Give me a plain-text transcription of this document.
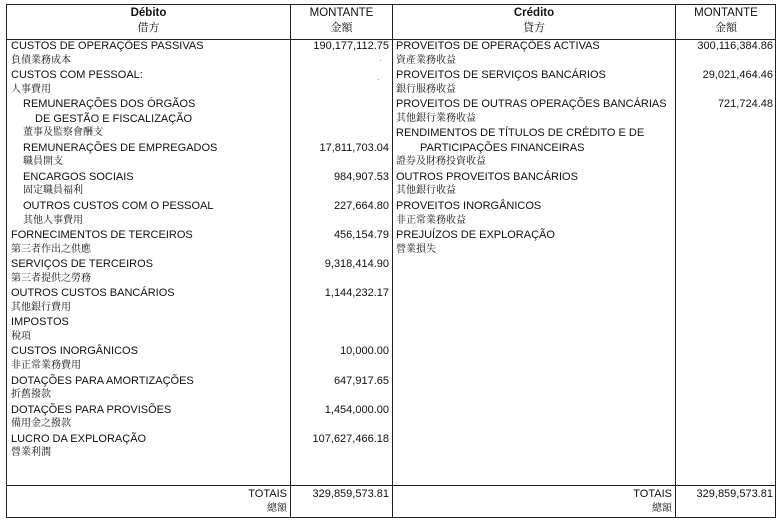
Débito
借方
MONTANTE
金額
Crédito
貸方
MONTANTE
金額
CUSTOS DE OPERAÇÕES PASSIVAS
負債業務成本
CUSTOS COM PESSOAL:
人事費用
REMUNERAÇÕES DOS ÓRGÃOS
DE GESTÃO E FISCALIZAÇÃO
董事及監察會酬支
REMUNERAÇÕES DE EMPREGADOS
職員開支
ENCARGOS SOCIAIS
固定職員福利
OUTROS CUSTOS COM O PESSOAL
其他人事費用
FORNECIMENTOS DE TERCEIROS
第三者作出之供應
SERVIÇOS DE TERCEIROS
第三者提供之勞務
OUTROS CUSTOS BANCÁRIOS
其他銀行費用
IMPOSTOS
稅項
CUSTOS INORGÂNICOS
非正常業務費用
DOTAÇÕES PARA AMORTIZAÇÕES
折舊撥款
DOTAÇÕES PARA PROVISÕES
備用金之撥款
LUCRO DA EXPLORAÇÃO
營業利潤
190,177,112.75
17,811,703.04
984,907.53
227,664.80
456,154.79
9,318,414.90
1,144,232.17
10,000.00
647,917.65
1,454,000.00
107,627,466.18
PROVEITOS DE OPERAÇÕES ACTIVAS
資產業務收益
PROVEITOS DE SERVIÇOS BANCÁRIOS
銀行服務收益
PROVEITOS DE OUTRAS OPERAÇÕES BANCÁRIAS
其他銀行業務收益
RENDIMENTOS DE TÍTULOS DE CRÉDITO E DE
PARTICIPAÇÕES FINANCEIRAS
證券及財務投資收益
OUTROS PROVEITOS BANCÁRIOS
其他銀行收益
PROVEITOS INORGÂNICOS
非正常業務收益
PREJUÍZOS DE EXPLORAÇÃO
營業損失
300,116,384.86
29,021,464.46
721,724.48
·
·
TOTAIS
總額
329,859,573.81	TOTAIS
總額
329,859,573.81
